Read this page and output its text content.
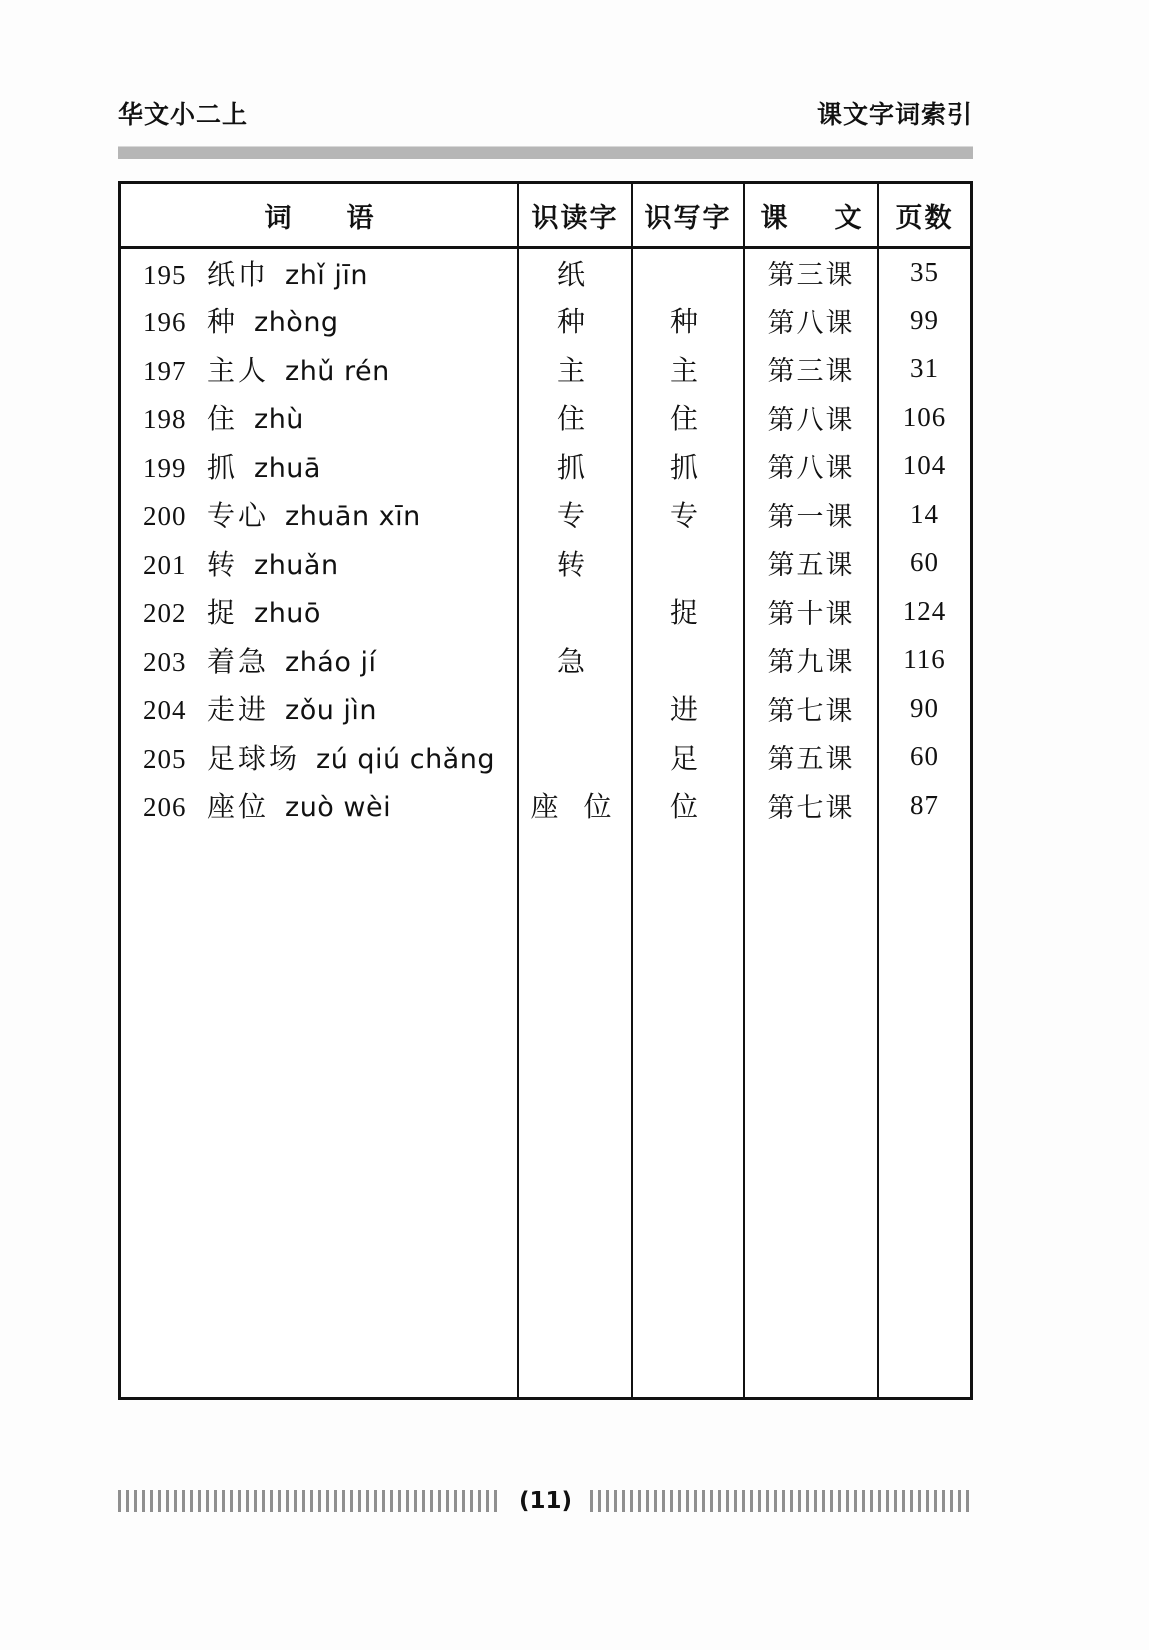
华文小二上	课文字词索引
词　语	识读字	识写字	课　文	页数

195 纸巾 zhǐ jīn	纸		第三课	35

196 种 zhòng	种	种	第八课	99

197 主人 zhǔ rén	主	主	第三课	31

198 住 zhù	住	住	第八课	106

199 抓 zhuā	抓	抓	第八课	104

200 专心 zhuān xīn	专	专	第一课	14

201 转 zhuǎn	转		第五课	60

202 捉 zhuō		捉	第十课	124

203 着急 zháo jí	急		第九课	116

204 走进 zǒu jìn		进	第七课	90

205 足球场 zú qiú chǎng		足	第五课	60

206 座位 zuò wèi	座 位	位	第七课	87

(11)
